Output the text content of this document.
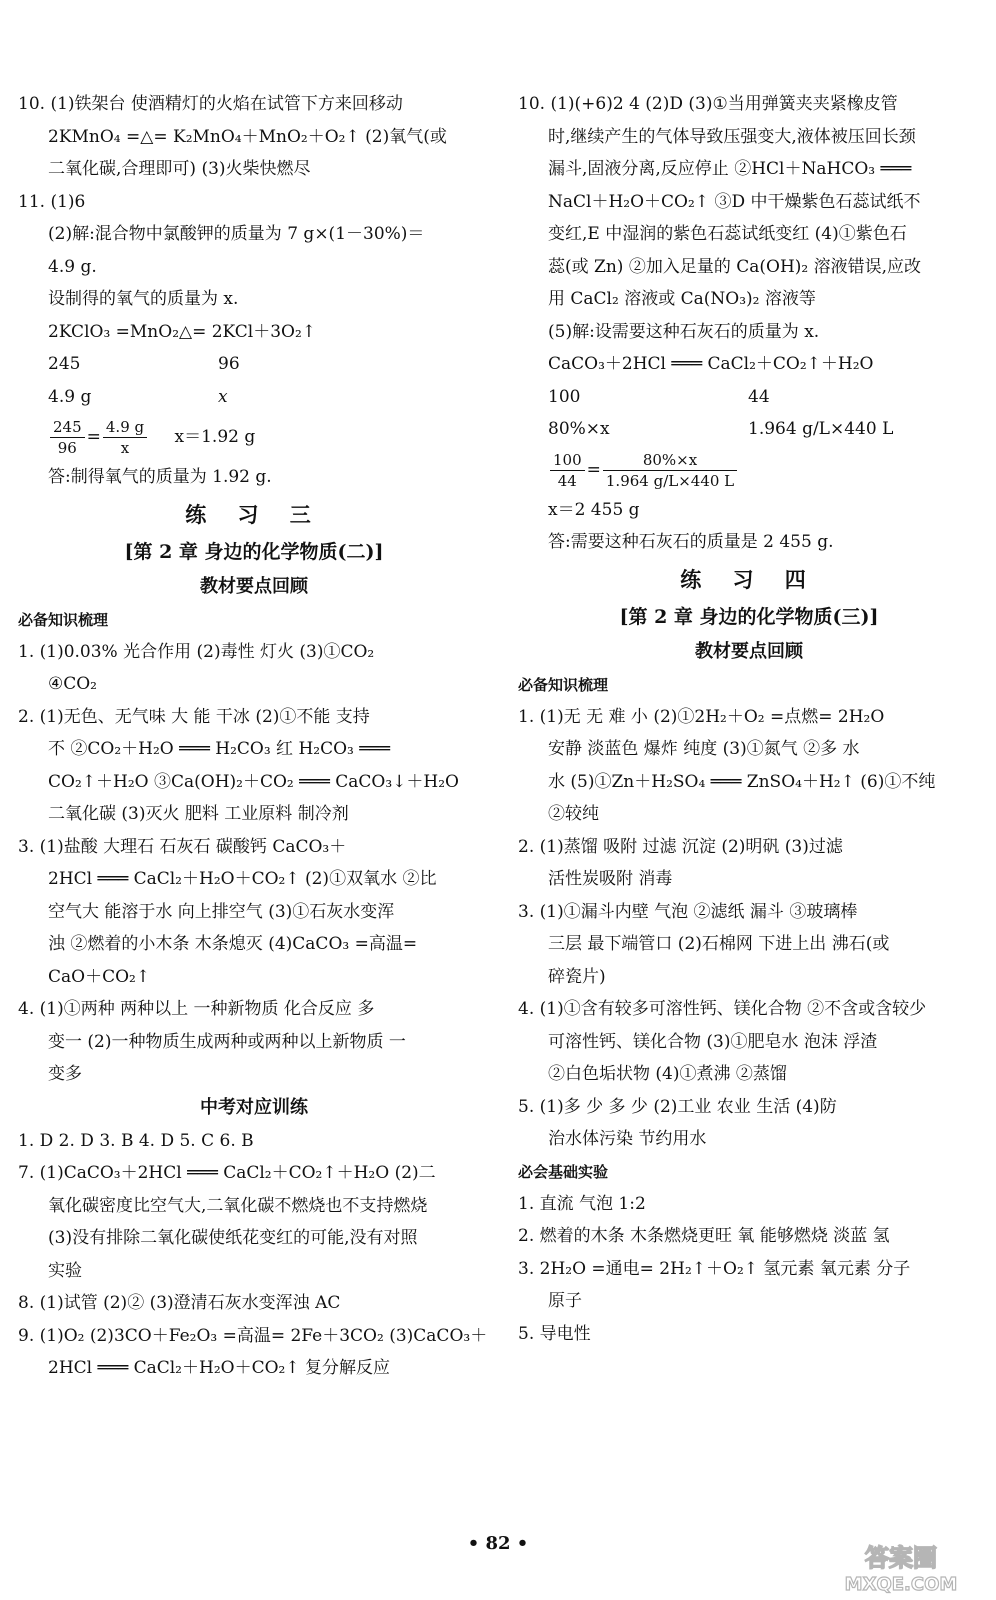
10. (1)铁架台 使酒精灯的火焰在试管下方来回移动
2KMnO₄ =△= K₂MnO₄＋MnO₂＋O₂↑ (2)氧气(或
二氧化碳,合理即可) (3)火柴快燃尽
11. (1)6
(2)解:混合物中氯酸钾的质量为 7 g×(1－30%)＝
4.9 g.
设制得的氧气的质量为 x.
2KClO₃ =MnO₂△= 2KCl＋3O₂↑
245	96
4.9 g	x
$\frac{245}{96} = \frac{4.9 g}{x} x=1.92$ g
答:制得氧气的质量为 1.92 g.
练 习 三
[第 2 章 身边的化学物质(二)]
教材要点回顾
必备知识梳理
1. (1)0.03% 光合作用 (2)毒性 灯火 (3)①CO₂
④CO₂
2. (1)无色、无气味 大 能 干冰 (2)①不能 支持
不 ②CO₂＋H₂O ═══ H₂CO₃ 红 H₂CO₃ ═══
CO₂↑＋H₂O ③Ca(OH)₂＋CO₂ ═══ CaCO₃↓＋H₂O
二氧化碳 (3)灭火 肥料 工业原料 制冷剂
3. (1)盐酸 大理石 石灰石 碳酸钙 CaCO₃＋
2HCl ═══ CaCl₂＋H₂O＋CO₂↑ (2)①双氧水 ②比
空气大 能溶于水 向上排空气 (3)①石灰水变浑
浊 ②燃着的小木条 木条熄灭 (4)CaCO₃ =高温=
CaO＋CO₂↑
4. (1)①两种 两种以上 一种新物质 化合反应 多
变一 (2)一种物质生成两种或两种以上新物质 一
变多
中考对应训练
1. D 2. D 3. B 4. D 5. C 6. B
7. (1)CaCO₃＋2HCl ═══ CaCl₂＋CO₂↑＋H₂O (2)二
氧化碳密度比空气大,二氧化碳不燃烧也不支持燃烧
(3)没有排除二氧化碳使纸花变红的可能,没有对照
实验
8. (1)试管 (2)② (3)澄清石灰水变浑浊 AC
9. (1)O₂ (2)3CO＋Fe₂O₃ =高温= 2Fe＋3CO₂ (3)CaCO₃＋
2HCl ═══ CaCl₂＋H₂O＋CO₂↑ 复分解反应
10. (1)(+6)2 4 (2)D (3)①当用弹簧夹夹紧橡皮管
时,继续产生的气体导致压强变大,液体被压回长颈
漏斗,固液分离,反应停止 ②HCl＋NaHCO₃ ═══
NaCl＋H₂O＋CO₂↑ ③D 中干燥紫色石蕊试纸不
变红,E 中湿润的紫色石蕊试纸变红 (4)①紫色石
蕊(或 Zn) ②加入足量的 Ca(OH)₂ 溶液错误,应改
用 CaCl₂ 溶液或 Ca(NO₃)₂ 溶液等
(5)解:设需要这种石灰石的质量为 x.
CaCO₃＋2HCl ═══ CaCl₂＋CO₂↑＋H₂O
100	44
80%×x	1.964 g/L×440 L
$\frac{100}{44} = \frac{80\%\times x}{1.964 g/L\times 440 L}$
x＝2 455 g
答:需要这种石灰石的质量是 2 455 g.
练 习 四
[第 2 章 身边的化学物质(三)]
教材要点回顾
必备知识梳理
1. (1)无 无 难 小 (2)①2H₂＋O₂ =点燃= 2H₂O
安静 淡蓝色 爆炸 纯度 (3)①氮气 ②多 水
水 (5)①Zn＋H₂SO₄ ═══ ZnSO₄＋H₂↑ (6)①不纯
②较纯
2. (1)蒸馏 吸附 过滤 沉淀 (2)明矾 (3)过滤
活性炭吸附 消毒
3. (1)①漏斗内壁 气泡 ②滤纸 漏斗 ③玻璃棒
三层 最下端管口 (2)石棉网 下进上出 沸石(或
碎瓷片)
4. (1)①含有较多可溶性钙、镁化合物 ②不含或含较少
可溶性钙、镁化合物 (3)①肥皂水 泡沫 浮渣
②白色垢状物 (4)①煮沸 ②蒸馏
5. (1)多 少 多 少 (2)工业 农业 生活 (4)防
治水体污染 节约用水
必会基础实验
1. 直流 气泡 1:2
2. 燃着的木条 木条燃烧更旺 氧 能够燃烧 淡蓝 氢
3. 2H₂O =通电= 2H₂↑＋O₂↑ 氢元素 氧元素 分子
原子
5. 导电性
• 82 •
答案圈
MXQE.COM
